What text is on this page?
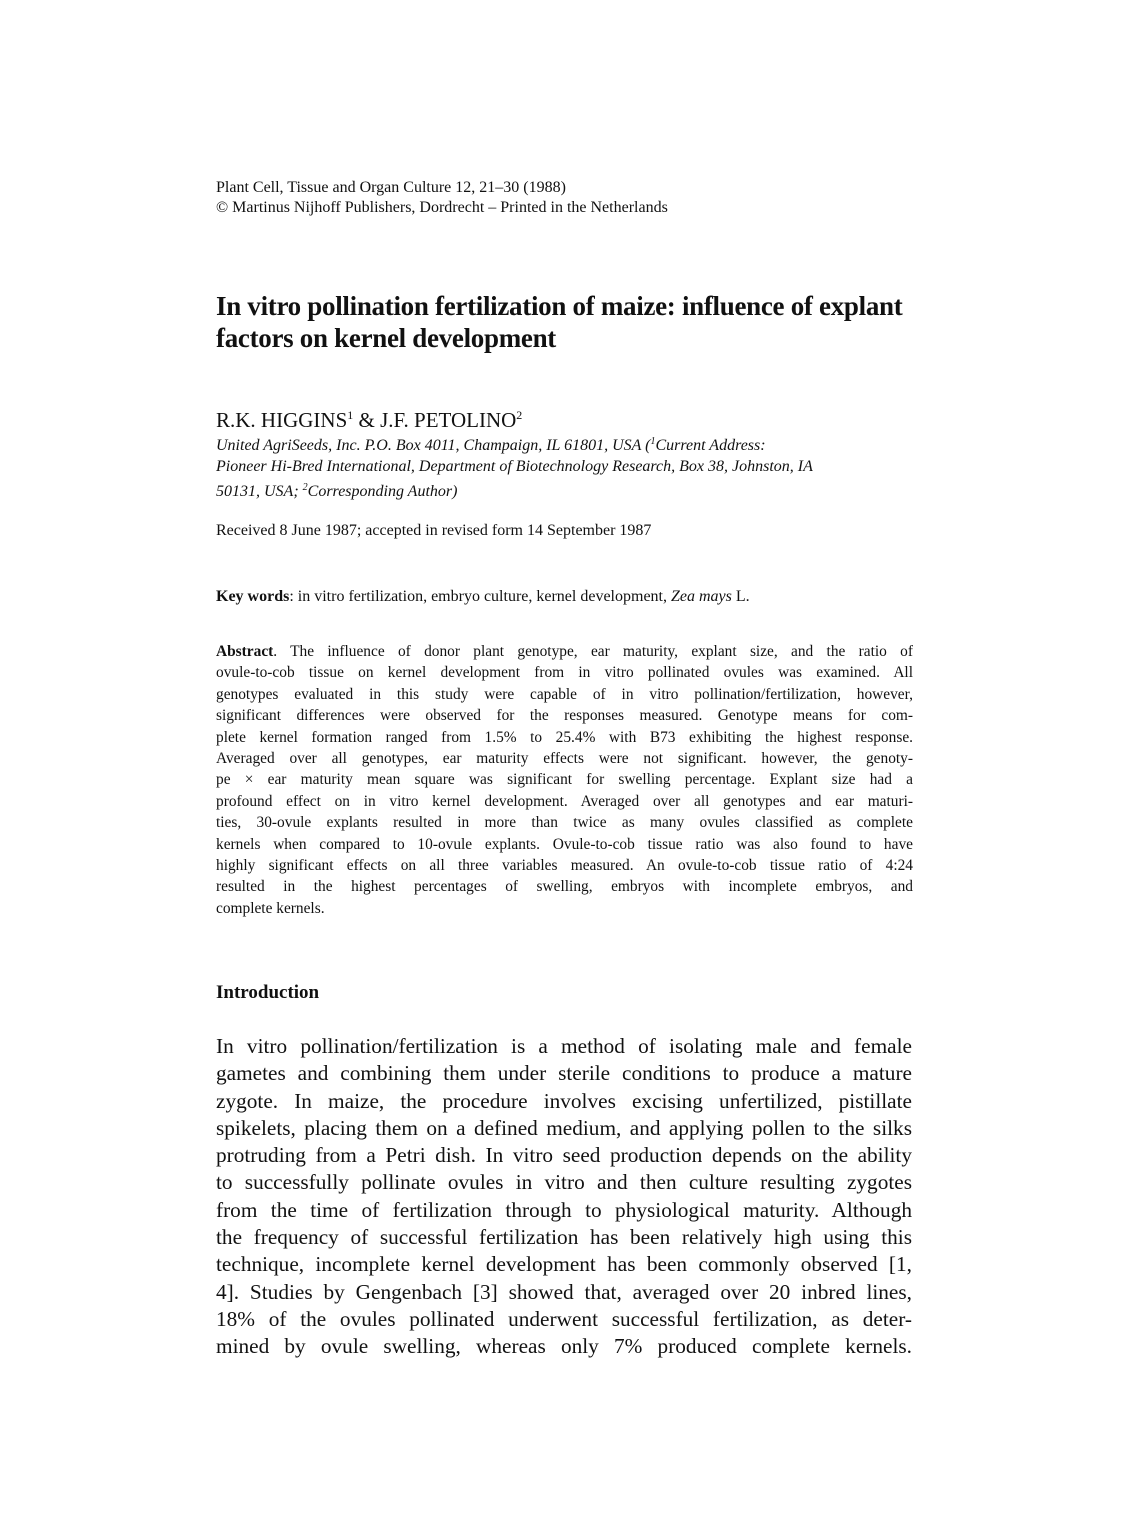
Plant Cell, Tissue and Organ Culture 12, 21–30 (1988)
© Martinus Nijhoff Publishers, Dordrecht – Printed in the Netherlands
In vitro pollination fertilization of maize: influence of explant
factors on kernel development
R.K. HIGGINS$^1$ & J.F. PETOLINO$^2$
United AgriSeeds, Inc. P.O. Box 4011, Champaign, IL 61801, USA ($^1$Current Address:
Pioneer Hi-Bred International, Department of Biotechnology Research, Box 38, Johnston, IA
50131, USA; $^2$Corresponding Author)
Received 8 June 1987; accepted in revised form 14 September 1987
Key words: in vitro fertilization, embryo culture, kernel development, Zea mays L.
Abstract. The influence of donor plant genotype, ear maturity, explant size, and the ratio of
ovule-to-cob tissue on kernel development from in vitro pollinated ovules was examined. All
genotypes evaluated in this study were capable of in vitro pollination/fertilization, however,
significant differences were observed for the responses measured. Genotype means for com-
plete kernel formation ranged from 1.5% to 25.4% with B73 exhibiting the highest response.
Averaged over all genotypes, ear maturity effects were not significant. however, the genoty-
pe × ear maturity mean square was significant for swelling percentage. Explant size had a
profound effect on in vitro kernel development. Averaged over all genotypes and ear maturi-
ties, 30-ovule explants resulted in more than twice as many ovules classified as complete
kernels when compared to 10-ovule explants. Ovule-to-cob tissue ratio was also found to have
highly significant effects on all three variables measured. An ovule-to-cob tissue ratio of 4:24
resulted in the highest percentages of swelling, embryos with incomplete embryos, and
complete kernels.
Introduction
In vitro pollination/fertilization is a method of isolating male and female
gametes and combining them under sterile conditions to produce a mature
zygote. In maize, the procedure involves excising unfertilized, pistillate
spikelets, placing them on a defined medium, and applying pollen to the silks
protruding from a Petri dish. In vitro seed production depends on the ability
to successfully pollinate ovules in vitro and then culture resulting zygotes
from the time of fertilization through to physiological maturity. Although
the frequency of successful fertilization has been relatively high using this
technique, incomplete kernel development has been commonly observed [1,
4]. Studies by Gengenbach [3] showed that, averaged over 20 inbred lines,
18% of the ovules pollinated underwent successful fertilization, as deter-
mined by ovule swelling, whereas only 7% produced complete kernels.
